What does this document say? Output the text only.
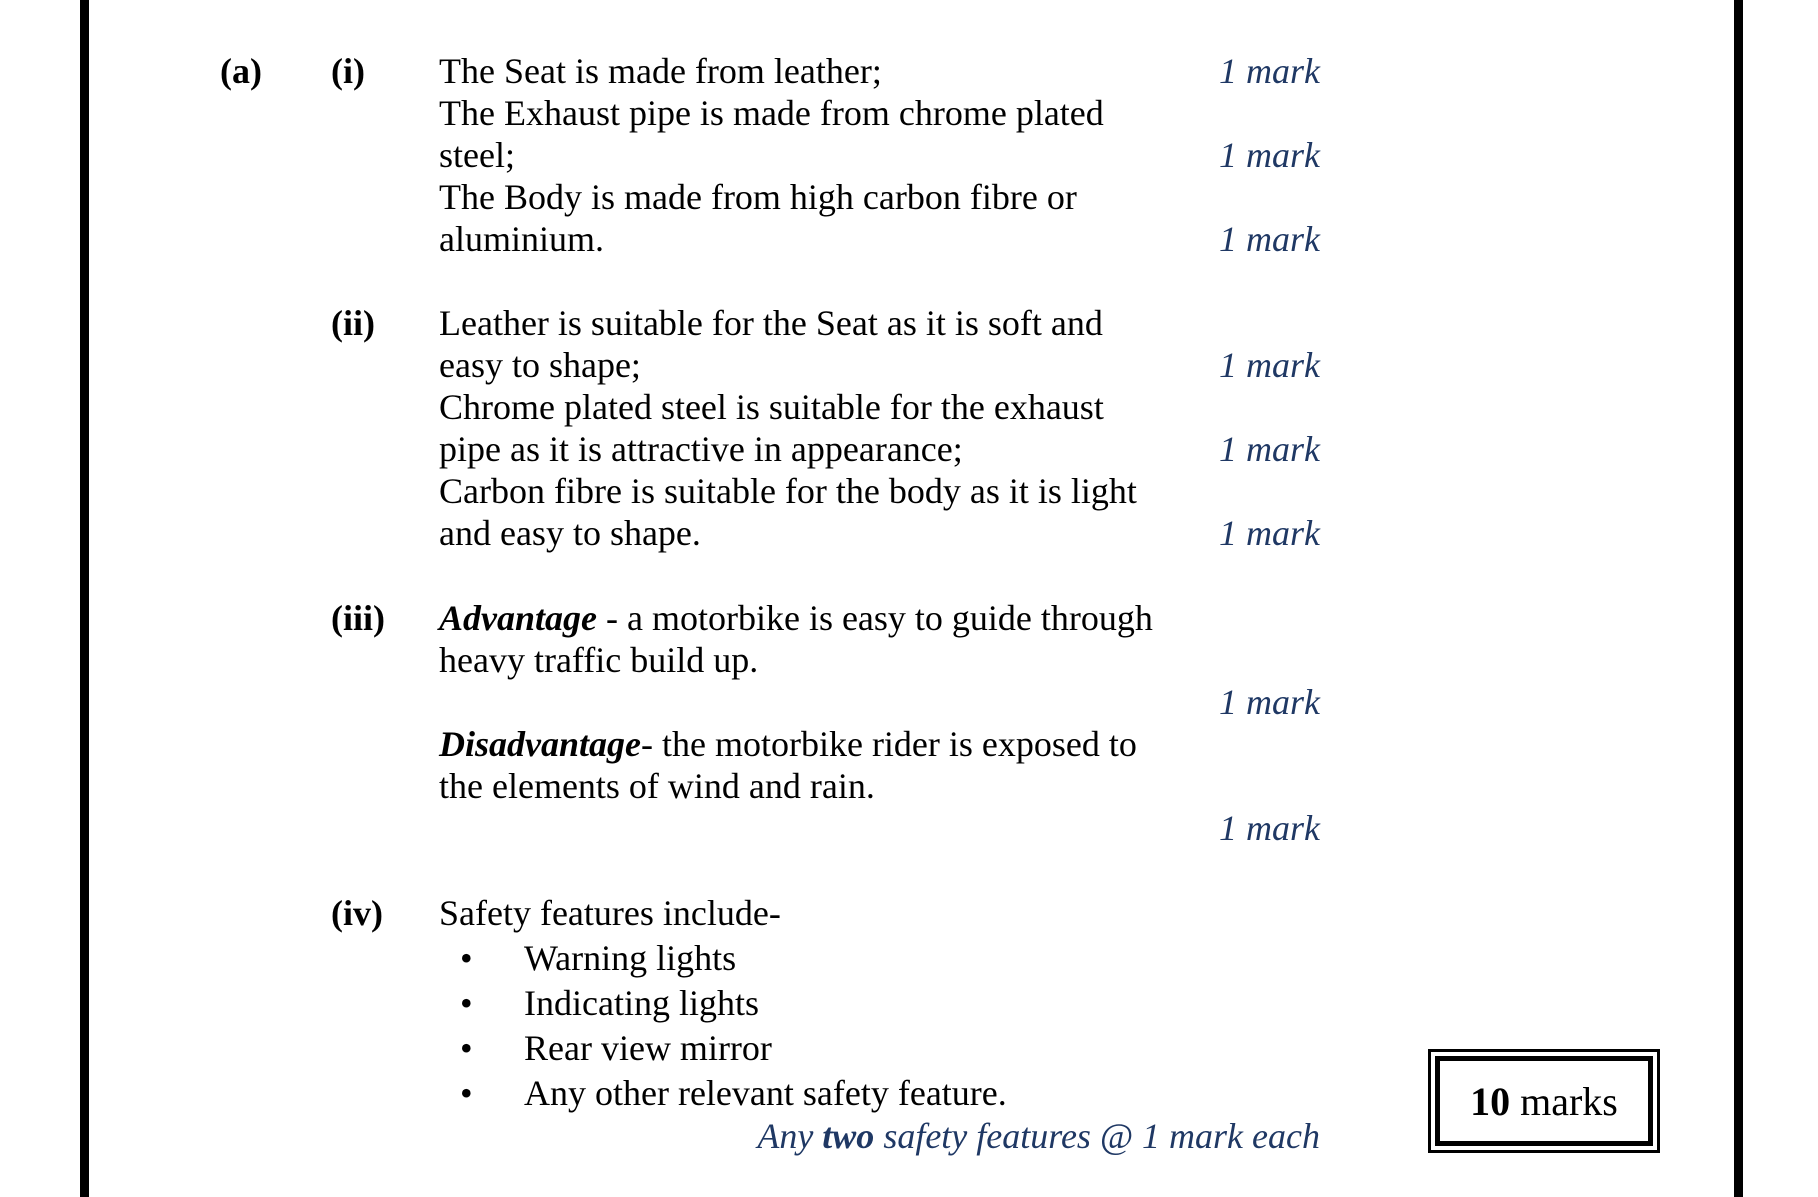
(a) (i) The Seat is made from leather;
The Exhaust pipe is made from chrome plated
steel;
The Body is made from high carbon fibre or
aluminium.
1 mark
1 mark
1 mark
(ii) Leather is suitable for the Seat as it is soft and
easy to shape;
Chrome plated steel is suitable for the exhaust
pipe as it is attractive in appearance;
Carbon fibre is suitable for the body as it is light
and easy to shape.
1 mark
1 mark
1 mark
(iii) Advantage - a motorbike is easy to guide through
heavy traffic build up.
1 mark
Disadvantage- the motorbike rider is exposed to
the elements of wind and rain.
1 mark
(iv) Safety features include-
• Warning lights
• Indicating lights
• Rear view mirror
• Any other relevant safety feature.
Any two safety features @ 1 mark each
10 marks
